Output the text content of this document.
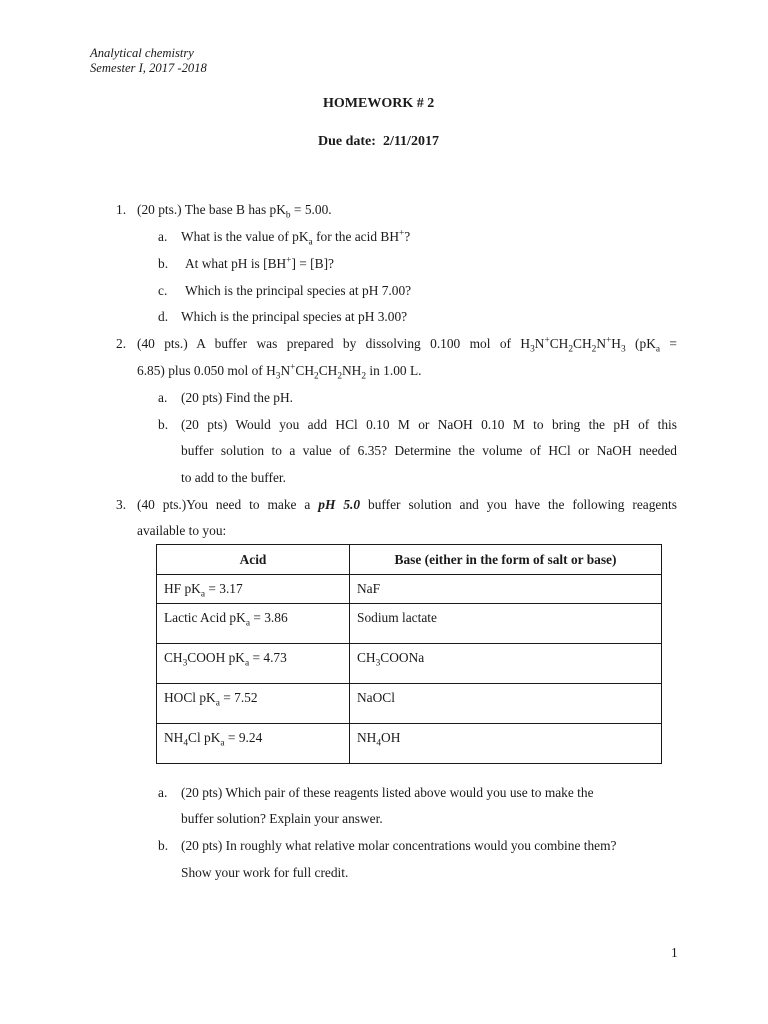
Analytical chemistry
Semester I, 2017 -2018
HOMEWORK # 2
Due date: 2/11/2017
1. (20 pts.) The base B has $pK_b = 5.00$.
a. What is the value of $pK_a$ for the acid BH+?
b. At what pH is [BH+] = [B]?
c. Which is the principal species at pH 7.00?
d. Which is the principal species at pH 3.00?
2. (40 pts.) A buffer was prepared by dissolving 0.100 mol of $H_3N^+CH_2CH_2N^+H_3$ ($pK_a$ =
6.85) plus 0.050 mol of $H_3N^+CH_2CH_2NH_2$ in 1.00 L.
a. (20 pts) Find the pH.
b. (20 pts) Would you add HCl 0.10 M or NaOH 0.10 M to bring the pH of this
buffer solution to a value of 6.35? Determine the volume of HCl or NaOH needed
to add to the buffer.
3. (40 pts.)You need to make a pH 5.0 buffer solution and you have the following reagents
available to you:
Acid	Base (either in the form of salt or base)

HF $pK_a = 3.17$	NaF

Lactic Acid $pK_a = 3.86$	Sodium lactate

$CH_3COOH$ $pK_a = 4.73$	$CH_3COONa$

HOCl $pK_a = 7.52$	NaOCl

$NH_4Cl$ $pK_a = 9.24$	$NH_4OH$
a. (20 pts) Which pair of these reagents listed above would you use to make the
buffer solution? Explain your answer.
b. (20 pts) In roughly what relative molar concentrations would you combine them?
Show your work for full credit.
1
